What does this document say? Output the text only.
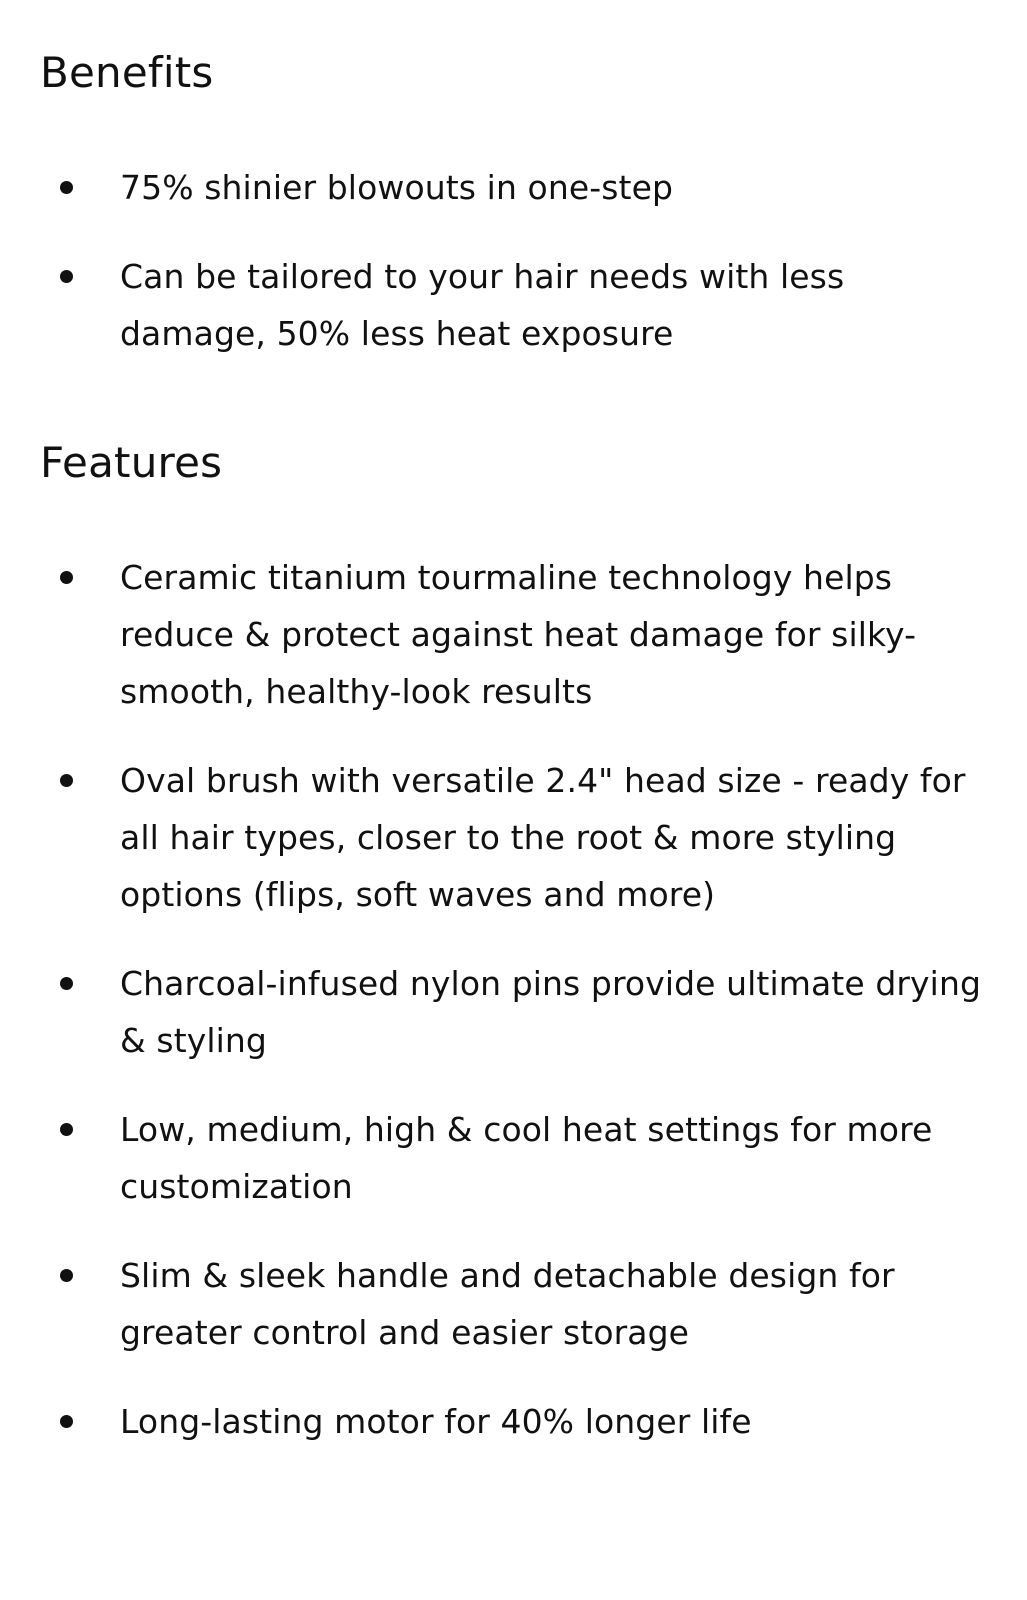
Benefits
75% shinier blowouts in one-step
Can be tailored to your hair needs with less damage, 50% less heat exposure
Features
Ceramic titanium tourmaline technology helps reduce & protect against heat damage for silky-smooth, healthy-look results
Oval brush with versatile 2.4" head size - ready for all hair types, closer to the root & more styling options (flips, soft waves and more)
Charcoal-infused nylon pins provide ultimate drying & styling
Low, medium, high & cool heat settings for more customization
Slim & sleek handle and detachable design for greater control and easier storage
Long-lasting motor for 40% longer life
